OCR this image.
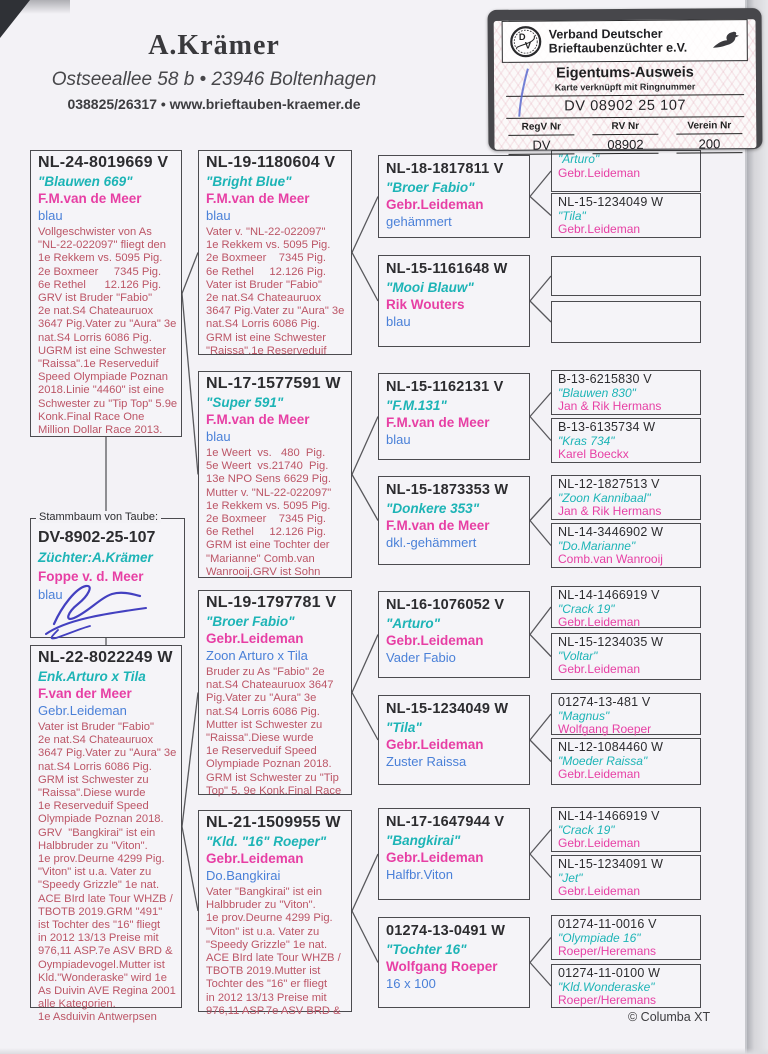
A.Krämer
Ostseeallee 58 b • 23946 Boltenhagen
038825/26317 • www.brieftauben-kraemer.de
D
V
Verband Deutscher
Brieftaubenzüchter e.V.
Eigentums-Ausweis
Karte verknüpft mit Ringnummer
DV 08902 25 107
RegV Nr
DV
RV Nr
08902
Verein Nr
200
Stammbaum von Taube:
DV-8902-25-107
Züchter:A.Krämer
Foppe v. d. Meer
blau
© Columba XT
NL-24-8019669 V
"Blauwen 669"
F.M.van de Meer
blau
Vollgeschwister von As
"NL-22-022097" fliegt den
1e Rekkem vs. 5095 Pig.
2e Boxmeer     7345 Pig.
6e Rethel      12.126 Pig.
GRV ist Bruder "Fabio"
2e nat.S4 Chateauruox
3647 Pig.Vater zu "Aura" 3e
nat.S4 Lorris 6086 Pig.
UGRM ist eine Schwester
"Raissa".1e Reserveduif
Speed Olympiade Poznan
2018.Linie "4460" ist eine
Schwester zu "Tip Top" 5.9e
Konk.Final Race One
Million Dollar Race 2013.
NL-22-8022249 W
Enk.Arturo x Tila
F.van der Meer
Gebr.Leideman
Vater ist Bruder "Fabio"
2e nat.S4 Chateauruox
3647 Pig.Vater zu "Aura" 3e
nat.S4 Lorris 6086 Pig.
GRM ist Schwester zu
"Raissa".Diese wurde
1e Reserveduif Speed
Olympiade Poznan 2018.
GRV  "Bangkirai" ist ein
Halbbruder zu "Viton".
1e prov.Deurne 4299 Pig.
"Viton" ist u.a. Vater zu
"Speedy Grizzle" 1e nat.
ACE BIrd late Tour WHZB /
TBOTB 2019.GRM "491"
ist Tochter des "16" fliegt
in 2012 13/13 Preise mit
976,11 ASP.7e ASV BRD &
Oympiadevogel.Mutter ist
Kld."Wonderaske" wird 1e
As Duivin AVE Regina 2001
alle Kategorien.
1e Asduivin Antwerpsen
NL-19-1180604 V
"Bright Blue"
F.M.van de Meer
blau
Vater v. "NL-22-022097"
1e Rekkem vs. 5095 Pig.
2e Boxmeer    7345 Pig.
6e Rethel     12.126 Pig.
Vater ist Bruder "Fabio"
2e nat.S4 Chateauruox
3647 Pig.Vater zu "Aura" 3e
nat.S4 Lorris 6086 Pig.
GRM ist eine Schwester
"Raissa".1e Reserveduif
NL-17-1577591 W
"Super 591"
F.M.van de Meer
blau
1e Weert  vs.   480  Pig.
5e Weert  vs.21740  Pig.
13e NPO Sens 6629 Pig.
Mutter v. "NL-22-022097"
1e Rekkem vs. 5095 Pig.
2e Boxmeer    7345 Pig.
6e Rethel     12.126 Pig.
GRM ist eine Tochter der
"Marianne" Comb.van
Wanrooij.GRV ist Sohn
NL-19-1797781 V
"Broer Fabio"
Gebr.Leideman
Zoon Arturo x Tila
Bruder zu As "Fabio" 2e
nat.S4 Chateauruox 3647
Pig.Vater zu "Aura" 3e
nat.S4 Lorris 6086 Pig.
Mutter ist Schwester zu
"Raissa".Diese wurde
1e Reserveduif Speed
Olympiade Poznan 2018.
GRM ist Schwester zu "Tip
Top" 5. 9e Konk.Final Race
NL-21-1509955 W
"Kld. "16" Roeper"
Gebr.Leideman
Do.Bangkirai
Vater "Bangkirai" ist ein
Halbbruder zu "Viton".
1e prov.Deurne 4299 Pig.
"Viton" ist u.a. Vater zu
"Speedy Grizzle" 1e nat.
ACE BIrd late Tour WHZB /
TBOTB 2019.Mutter ist
Tochter des "16" er fliegt
in 2012 13/13 Preise mit
976,11 ASP.7e ASV BRD &
NL-18-1817811 V
"Broer Fabio"
Gebr.Leideman
gehämmert
NL-15-1161648 W
"Mooi Blauw"
Rik Wouters
blau
NL-15-1162131 V
"F.M.131"
F.M.van de Meer
blau
NL-15-1873353 W
"Donkere 353"
F.M.van de Meer
dkl.-gehämmert
NL-16-1076052 V
"Arturo"
Gebr.Leideman
Vader Fabio
NL-15-1234049 W
"Tila"
Gebr.Leideman
Zuster Raissa
NL-17-1647944 V
"Bangkirai"
Gebr.Leideman
Halfbr.Viton
01274-13-0491 W
"Tochter 16"
Wolfgang Roeper
16 x 100
"Arturo"
Gebr.Leideman
NL-15-1234049 W
"Tila"
Gebr.Leideman
B-13-6215830 V
"Blauwen 830"
Jan & Rik Hermans
B-13-6135734 W
"Kras 734"
Karel Boeckx
NL-12-1827513 V
"Zoon Kannibaal"
Jan & Rik Hermans
NL-14-3446902 W
"Do.Marianne"
Comb.van Wanrooij
NL-14-1466919 V
"Crack 19"
Gebr.Leideman
NL-15-1234035 W
"Voltar"
Gebr.Leideman
01274-13-481 V
"Magnus"
Wolfgang Roeper
NL-12-1084460 W
"Moeder Raissa"
Gebr.Leideman
NL-14-1466919 V
"Crack 19"
Gebr.Leideman
NL-15-1234091 W
"Jet"
Gebr.Leideman
01274-11-0016 V
"Olympiade 16"
Roeper/Heremans
01274-11-0100 W
"Kld.Wonderaske"
Roeper/Heremans
